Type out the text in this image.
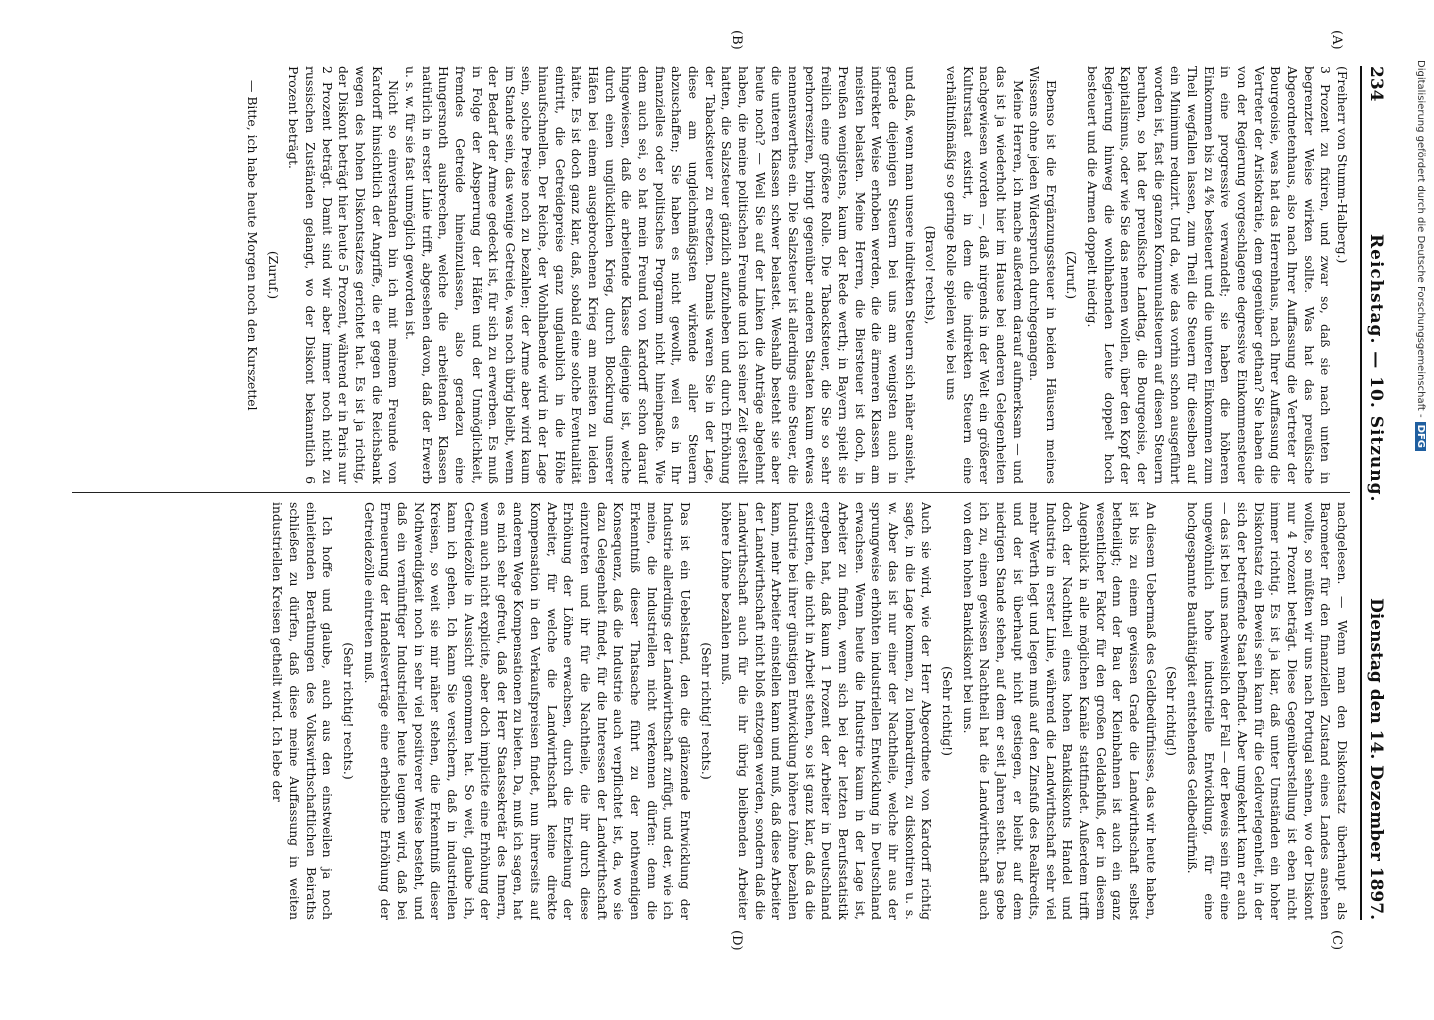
Digitalisierung gefördert durch die Deutsche Forschungsgemeinschaft -DFG
234
Reichstag. — 10. Sitzung.
Dienstag den 14. Dezember 1897.
(A)
(B)
(C)
(D)

(Freiherr von Stumm-Halberg.)

3 Prozent zu fixiren, und zwar so, daß sie nach unten in begrenzter Weise wirken sollte. Was hat das preußische Abgeordnetenhaus, also nach Ihrer Auffassung die Vertreter der Bourgeoisie, was hat das Herrenhaus, nach Ihrer Auffassung die Vertreter der Aristokratie, dem gegenüber gethan? Sie haben die von der Regierung vorgeschlagene degressive Einkommensteuer in eine progressive verwandelt; sie haben die höheren Einkommen bis zu 4% besteuert und die unteren Einkommen zum Theil wegfallen lassen, zum Theil die Steuern für dieselben auf ein Minimum reduzirt. Und da, wie das vorhin schon ausgeführt worden ist, fast die ganzen Kommunalsteuern auf diesen Steuern beruhen, so hat der preußische Landtag, die Bourgeoisie, der Kapitalismus, oder wie Sie das nennen wollen, über den Kopf der Regierung hinweg die wohlhabenden Leute doppelt hoch besteuert und die Armen doppelt niedrig.

(Zuruf.)

Ebenso ist die Ergänzungssteuer in beiden Häusern meines Wissens ohne jeden Widerspruch durchgegangen.

Meine Herren, ich mache außerdem darauf aufmerksam — und das ist ja wiederholt hier im Hause bei anderen Gelegenheiten nachgewiesen worden —, daß nirgends in der Welt ein größerer Kulturstaat existirt, in dem die indirekten Steuern eine verhältnißmäßig so geringe Rolle spielen wie bei uns

(Bravo! rechts),

und daß, wenn man unsere indirekten Steuern sich näher ansieht, gerade diejenigen Steuern bei uns am wenigsten auch in indirekter Weise erhoben werden, die die ärmeren Klassen am meisten belasten. Meine Herren, die Biersteuer ist doch, in Preußen wenigstens, kaum der Rede werth; in Bayern spielt sie freilich eine größere Rolle. Die Tabacksteuer, die Sie so sehr perhorresziren, bringt gegenüber anderen Staaten kaum etwas nennenswerthes ein. Die Salzsteuer ist allerdings eine Steuer, die die unteren Klassen schwer belastet. Weshalb besteht sie aber heute noch? — Weil Sie auf der Linken die Anträge abgelehnt haben, die meine politischen Freunde und ich seiner Zeit gestellt hatten, die Salzsteuer gänzlich aufzuheben und durch Erhöhung der Tabacksteuer zu ersetzen. Damals waren Sie in der Lage, diese am ungleichmäßigsten wirkende aller Steuern abzuschaffen; Sie haben es nicht gewollt, weil es in Ihr finanzielles oder politisches Programm nicht hineinpaßte. Wie dem auch sei, so hat mein Freund von Kardorff schon darauf hingewiesen, daß die arbeitende Klasse diejenige ist, welche durch einen unglücklichen Krieg, durch Blockirung unserer Häfen bei einem ausgebrochenen Krieg am meisten zu leiden hätte. Es ist doch ganz klar, daß, sobald eine solche Eventualität eintritt, die Getreidepreise ganz unglaublich in die Höhe hinaufschnellen. Der Reiche, der Wohlhabende wird in der Lage sein, solche Preise noch zu bezahlen; der Arme aber wird kaum im Stande sein, das wenige Getreide, was noch übrig bleibt, wenn der Bedarf der Armee gedeckt ist, für sich zu erwerben. Es muß in Folge der Absperrung der Häfen und der Unmöglichkeit, fremdes Getreide hineinzulassen, also geradezu eine Hungersnoth ausbrechen, welche die arbeitenden Klassen natürlich in erster Linie trifft, abgesehen davon, daß der Erwerb u. s. w. für sie fast unmöglich geworden ist.

Nicht so einverstanden bin ich mit meinem Freunde von Kardorff hinsichtlich der Angriffe, die er gegen die Reichsbank wegen des hohen Diskontsatzes gerichtet hat. Es ist ja richtig, der Diskont beträgt hier heute 5 Prozent, während er in Paris nur 2 Prozent beträgt. Damit sind wir aber immer noch nicht zu russischen Zuständen gelangt, wo der Diskont bekanntlich 6 Prozent beträgt.

(Zuruf.)

— Bitte, ich habe heute Morgen noch den Kurszettel

nachgelesen. — Wenn man den Diskontsatz überhaupt als Barometer für den finanziellen Zustand eines Landes ansehen wollte, so müßten wir uns nach Portugal sehnen, wo der Diskont nur 4 Prozent beträgt. Diese Gegenüberstellung ist eben nicht immer richtig. Es ist ja klar, daß unter Umständen ein hoher Diskontsatz ein Beweis sein kann für die Geldverlegenheit, in der sich der betreffende Staat befindet. Aber umgekehrt kann er auch — das ist bei uns nachweislich der Fall — der Beweis sein für eine ungewöhnlich hohe industrielle Entwicklung, für eine hochgespannte Bauthätigkeit entstehendes Geldbedürfniß.

(Sehr richtig!)

An diesem Uebermaß des Geldbedürfnisses, das wir heute haben, ist bis zu einem gewissen Grade die Landwirthschaft selbst betheiligt; denn der Bau der Kleinbahnen ist auch ein ganz wesentlicher Faktor für den großen Geldabfluß, der in diesem Augenblick in alle möglichen Kanäle stattfindet. Außerdem trifft doch der Nachtheil eines hohen Bankdiskonts Handel und Industrie in erster Linie, während die Landwirthschaft sehr viel mehr Werth legt und legen muß auf den Zinsfuß des Realkredits, und der ist überhaupt nicht gestiegen, er bleibt auf dem niedrigen Stande stehen, auf dem er seit Jahren steht. Das gebe ich zu, einen gewissen Nachtheil hat die Landwirthschaft auch von dem hohen Bankdiskont bei uns.

(Sehr richtig!)

Auch sie wird, wie der Herr Abgeordnete von Kardorff richtig sagte, in die Lage kommen, zu lombardiren, zu diskontiren u. s. w. Aber das ist nur einer der Nachtheile, welche ihr aus der sprungweise erhöhten industriellen Entwicklung in Deutschland erwachsen. Wenn heute die Industrie kaum in der Lage ist, Arbeiter zu finden, wenn sich bei der letzten Berufsstatistik ergeben hat, daß kaum 1 Prozent der Arbeiter in Deutschland existirten, die nicht in Arbeit stehen, so ist ganz klar, daß da die Industrie bei ihrer günstigen Entwicklung höhere Löhne bezahlen kann, mehr Arbeiter einstellen kann und muß, daß diese Arbeiter der Landwirthschaft nicht bloß entzogen werden, sondern daß die Landwirthschaft auch für die ihr übrig bleibenden Arbeiter höhere Löhne bezahlen muß.

(Sehr richtig! rechts.)

Das ist ein Uebelstand, den die glänzende Entwicklung der Industrie allerdings der Landwirthschaft zufügt, und der, wie ich meine, die Industriellen nicht verkennen dürfen: denn die Erkenntniß dieser Thatsache führt zu der nothwendigen Konsequenz, daß die Industrie auch verpflichtet ist, da, wo sie dazu Gelegenheit findet, für die Interessen der Landwirthschaft einzutreten und ihr für die Nachtheile, die ihr durch diese Erhöhung der Löhne erwachsen, durch die Entziehung der Arbeiter, für welche die Landwirthschaft keine direkte Kompensation in den Verkaufspreisen findet, nun ihrerseits auf anderem Wege Kompensationen zu bieten. Da, muß ich sagen, hat es mich sehr gefreut, daß der Herr Staatssekretär des Innern, wenn auch nicht explicite, aber doch implicite eine Erhöhung der Getreidezölle in Aussicht genommen hat. So weit, glaube ich, kann ich gehen. Ich kann Sie versichern, daß in industriellen Kreisen, so weit sie mir näher stehen, die Erkenntniß dieser Nothwendigkeit noch in sehr viel positiverer Weise besteht, und daß ein vernünftiger Industrieller heute leugnen wird, daß bei Erneuerung der Handelsverträge eine erhebliche Erhöhung der Getreidezölle eintreten muß.

(Sehr richtig! rechts.)

Ich hoffe und glaube, auch aus den einstweilen ja noch einleitenden Berathungen des Volkswirthschaftlichen Beiraths schließen zu dürfen, daß diese meine Auffassung in weiten industriellen Kreisen getheilt wird. Ich lebe der
